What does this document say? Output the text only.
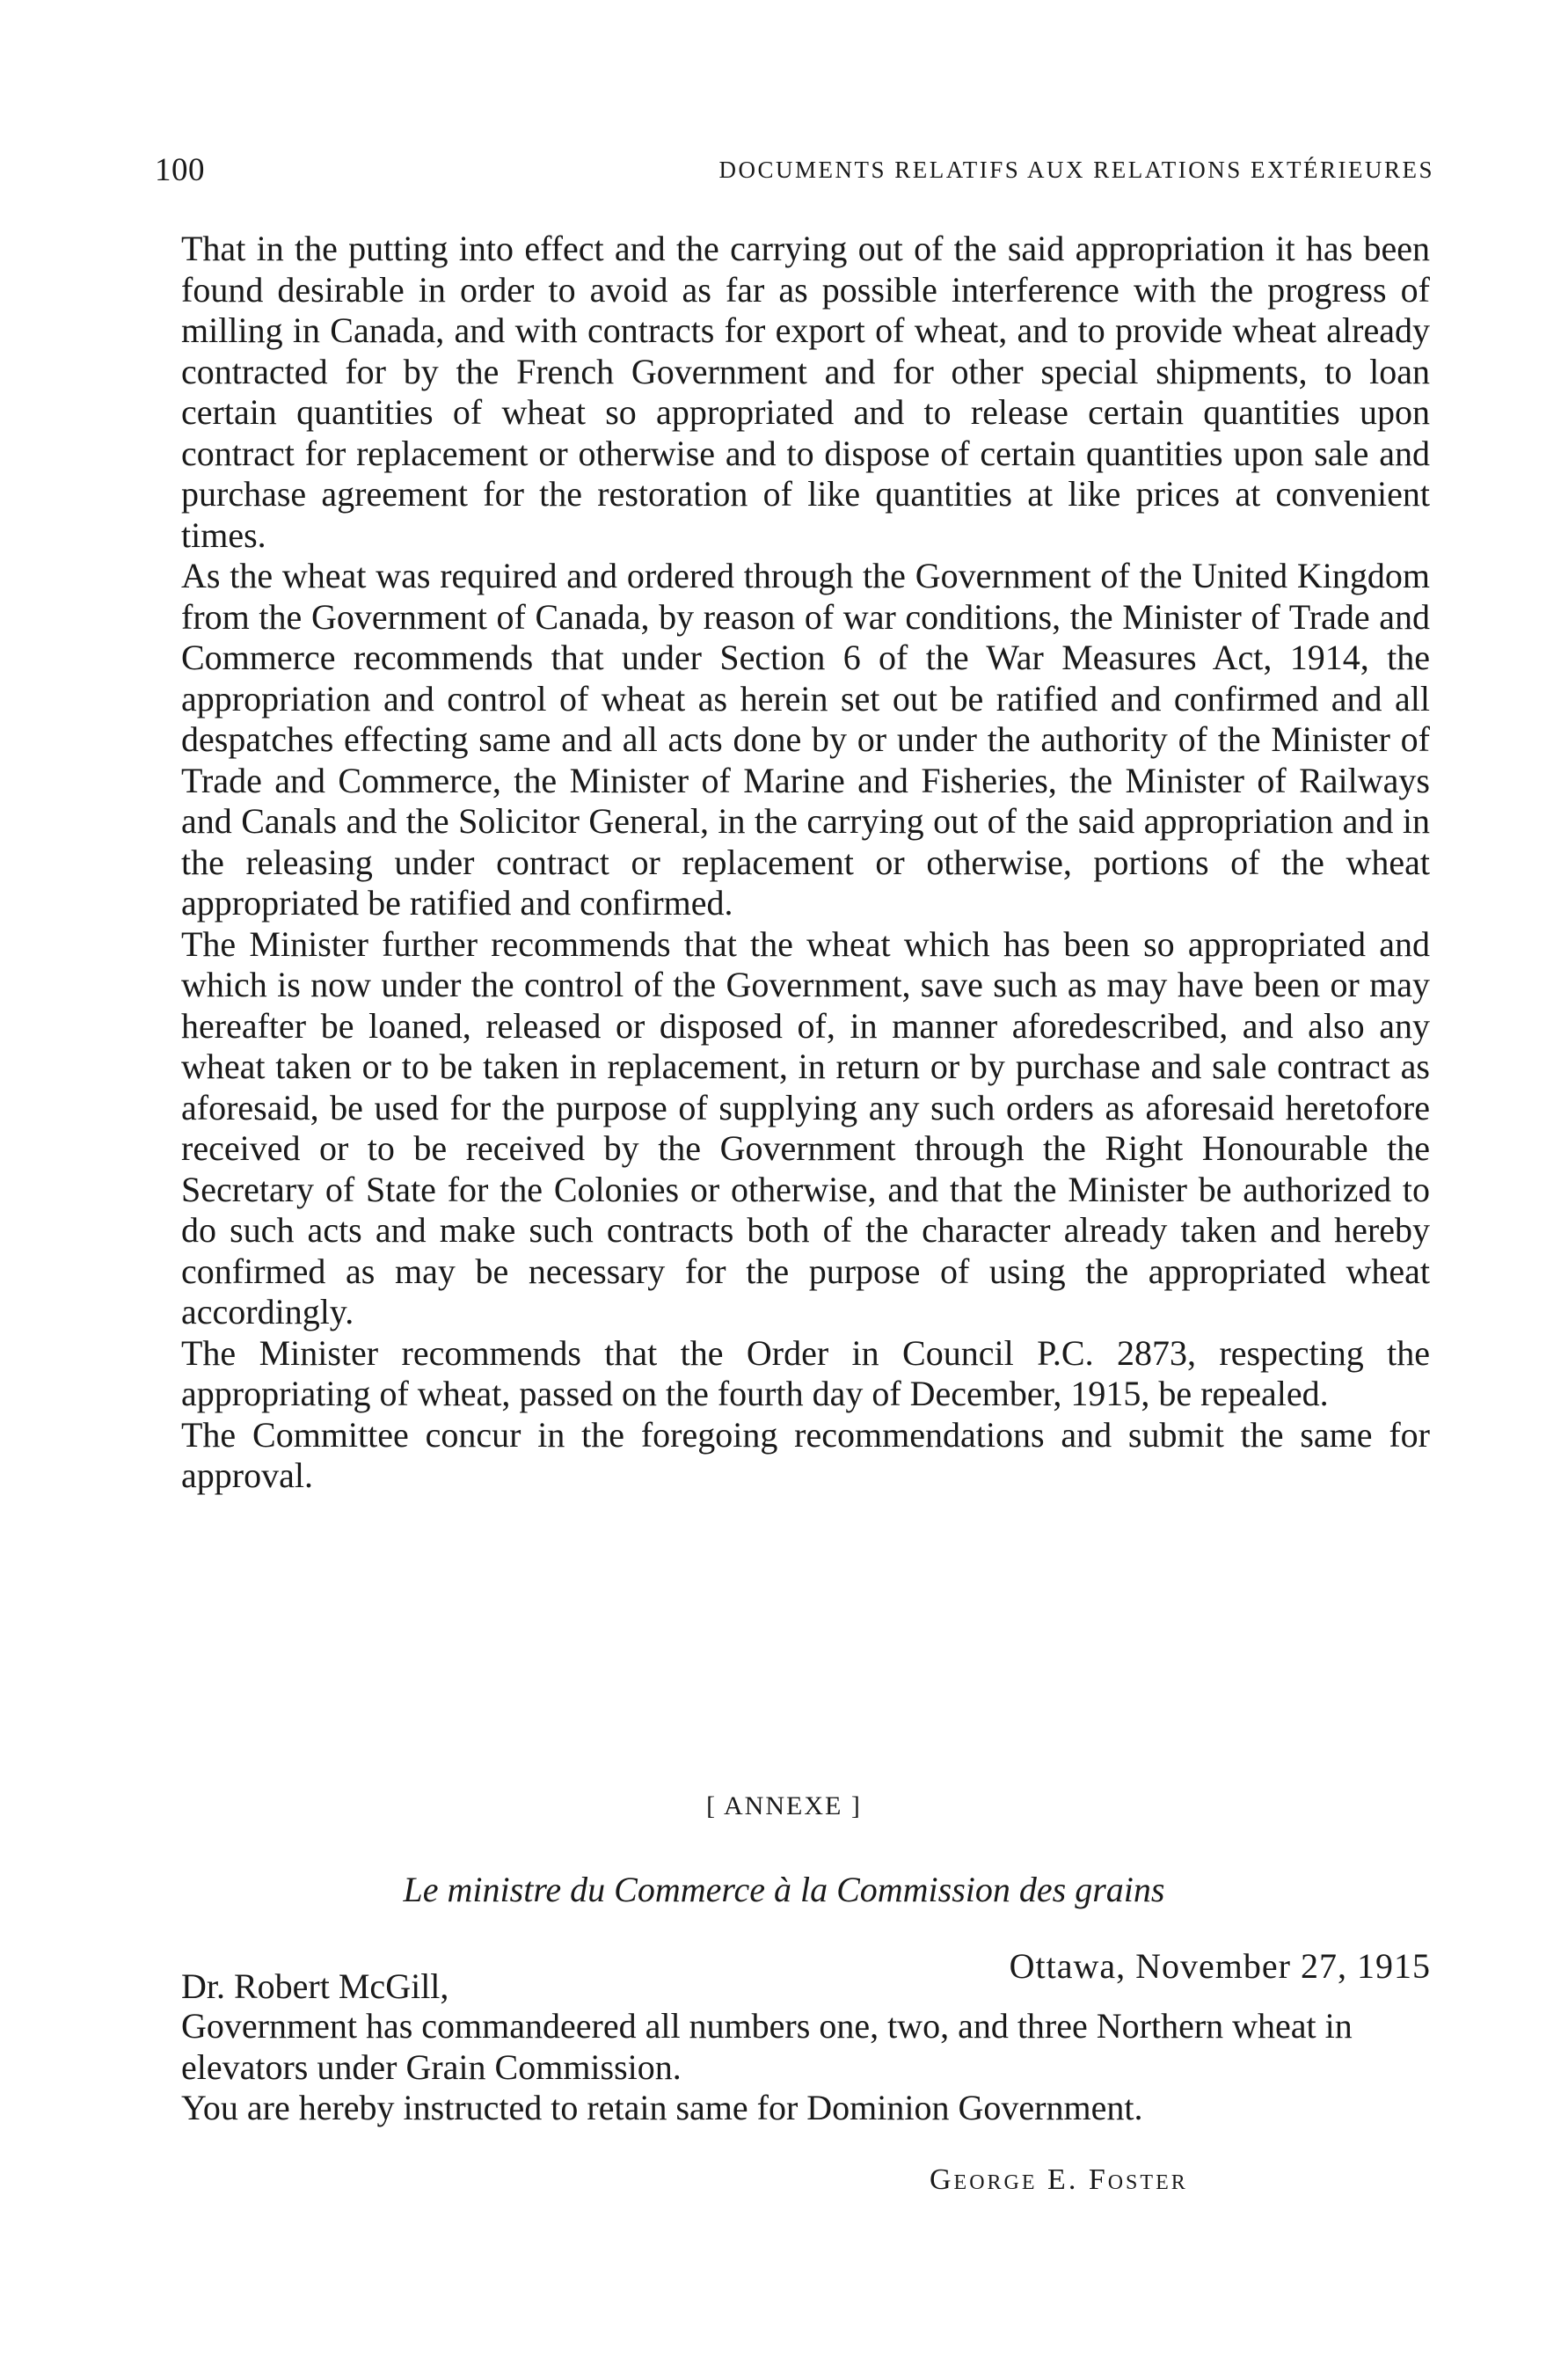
100	DOCUMENTS RELATIFS AUX RELATIONS EXTÉRIEURES

That in the putting into effect and the carrying out of the said appropriation it has been found desirable in order to avoid as far as possible interference with the progress of milling in Canada, and with contracts for export of wheat, and to provide wheat already contracted for by the French Government and for other special shipments, to loan certain quantities of wheat so appropriated and to release certain quantities upon contract for replacement or otherwise and to dispose of certain quantities upon sale and purchase agreement for the restoration of like quantities at like prices at convenient times.

As the wheat was required and ordered through the Government of the United Kingdom from the Government of Canada, by reason of war conditions, the Minister of Trade and Commerce recommends that under Section 6 of the War Measures Act, 1914, the appropriation and control of wheat as herein set out be ratified and confirmed and all despatches effecting same and all acts done by or under the authority of the Minister of Trade and Commerce, the Minister of Marine and Fisheries, the Minister of Railways and Canals and the Solicitor General, in the carrying out of the said appropriation and in the releasing under contract or replacement or otherwise, portions of the wheat appropriated be ratified and confirmed.

The Minister further recommends that the wheat which has been so appropriated and which is now under the control of the Government, save such as may have been or may hereafter be loaned, released or disposed of, in manner aforedescribed, and also any wheat taken or to be taken in replacement, in return or by purchase and sale contract as aforesaid, be used for the purpose of supplying any such orders as aforesaid heretofore received or to be received by the Government through the Right Honourable the Secretary of State for the Colonies or otherwise, and that the Minister be authorized to do such acts and make such contracts both of the character already taken and hereby confirmed as may be necessary for the purpose of using the appropriated wheat accordingly.

The Minister recommends that the Order in Council P.C. 2873, respecting the appropriating of wheat, passed on the fourth day of December, 1915, be repealed.

The Committee concur in the foregoing recommendations and submit the same for approval.

[ ANNEXE ]
Le ministre du Commerce à la Commission des grains
Ottawa, November 27, 1915
Dr. Robert McGill,

Government has commandeered all numbers one, two, and three Northern wheat in elevators under Grain Commission.

You are hereby instructed to retain same for Dominion Government.

George E. Foster
